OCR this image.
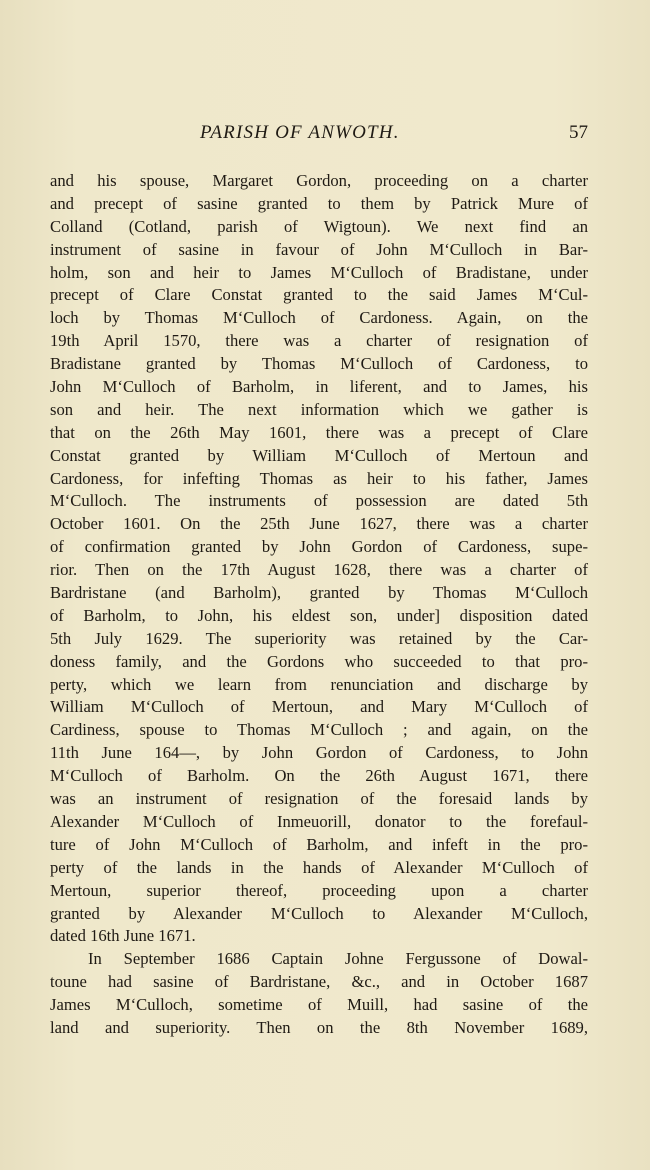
PARISH OF ANWOTH.	57
and his spouse, Margaret Gordon, proceeding on a charter
and precept of sasine granted to them by Patrick Mure of
Colland (Cotland, parish of Wigtoun). We next find an
instrument of sasine in favour of John M‘Culloch in Bar-
holm, son and heir to James M‘Culloch of Bradistane, under
precept of Clare Constat granted to the said James M‘Cul-
loch by Thomas M‘Culloch of Cardoness. Again, on the
19th April 1570, there was a charter of resignation of
Bradistane granted by Thomas M‘Culloch of Cardoness, to
John M‘Culloch of Barholm, in liferent, and to James, his
son and heir. The next information which we gather is
that on the 26th May 1601, there was a precept of Clare
Constat granted by William M‘Culloch of Mertoun and
Cardoness, for infefting Thomas as heir to his father, James
M‘Culloch. The instruments of possession are dated 5th
October 1601. On the 25th June 1627, there was a charter
of confirmation granted by John Gordon of Cardoness, supe-
rior. Then on the 17th August 1628, there was a charter of
Bardristane (and Barholm), granted by Thomas M‘Culloch
of Barholm, to John, his eldest son, under] disposition dated
5th July 1629. The superiority was retained by the Car-
doness family, and the Gordons who succeeded to that pro-
perty, which we learn from renunciation and discharge by
William M‘Culloch of Mertoun, and Mary M‘Culloch of
Cardiness, spouse to Thomas M‘Culloch ; and again, on the
11th June 164—, by John Gordon of Cardoness, to John
M‘Culloch of Barholm. On the 26th August 1671, there
was an instrument of resignation of the foresaid lands by
Alexander M‘Culloch of Inmeuorill, donator to the forefaul-
ture of John M‘Culloch of Barholm, and infeft in the pro-
perty of the lands in the hands of Alexander M‘Culloch of
Mertoun, superior thereof, proceeding upon a charter
granted by Alexander M‘Culloch to Alexander M‘Culloch,
dated 16th June 1671.
In September 1686 Captain Johne Fergussone of Dowal-
toune had sasine of Bardristane, &c., and in October 1687
James M‘Culloch, sometime of Muill, had sasine of the
land and superiority. Then on the 8th November 1689,
